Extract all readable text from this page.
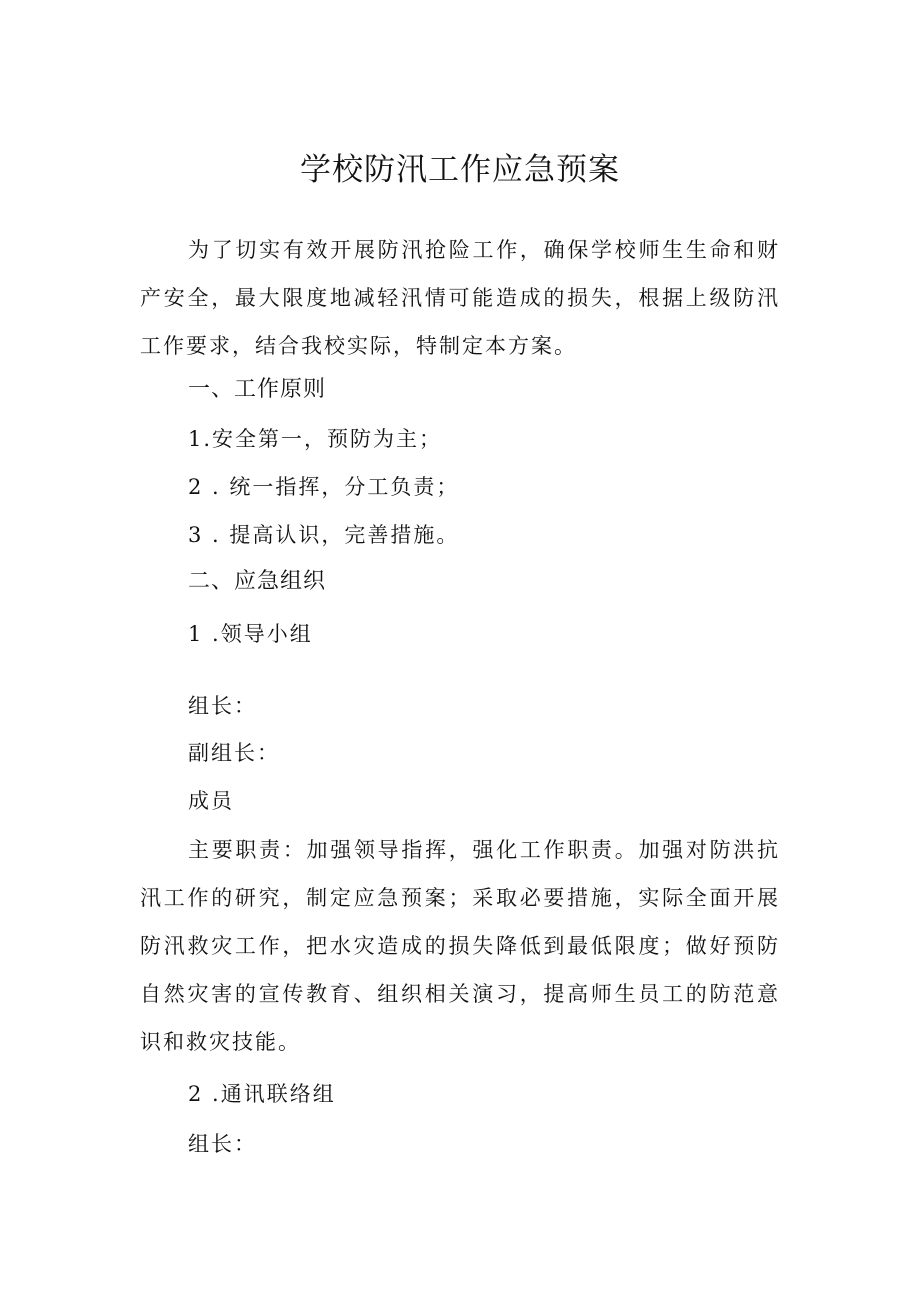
学校防汛工作应急预案

为了切实有效开展防汛抢险工作，确保学校师生生命和财产安全，最大限度地减轻汛情可能造成的损失，根据上级防汛工作要求，结合我校实际，特制定本方案。

一、工作原则
1.安全第一，预防为主；
2 . 统一指挥，分工负责；
3 . 提高认识，完善措施。
二、应急组织
1 .领导小组
组长：
副组长：
成员

主要职责：加强领导指挥，强化工作职责。加强对防洪抗汛工作的研究，制定应急预案；采取必要措施，实际全面开展防汛救灾工作，把水灾造成的损失降低到最低限度；做好预防自然灾害的宣传教育、组织相关演习，提高师生员工的防范意识和救灾技能。

2 .通讯联络组
组长：
